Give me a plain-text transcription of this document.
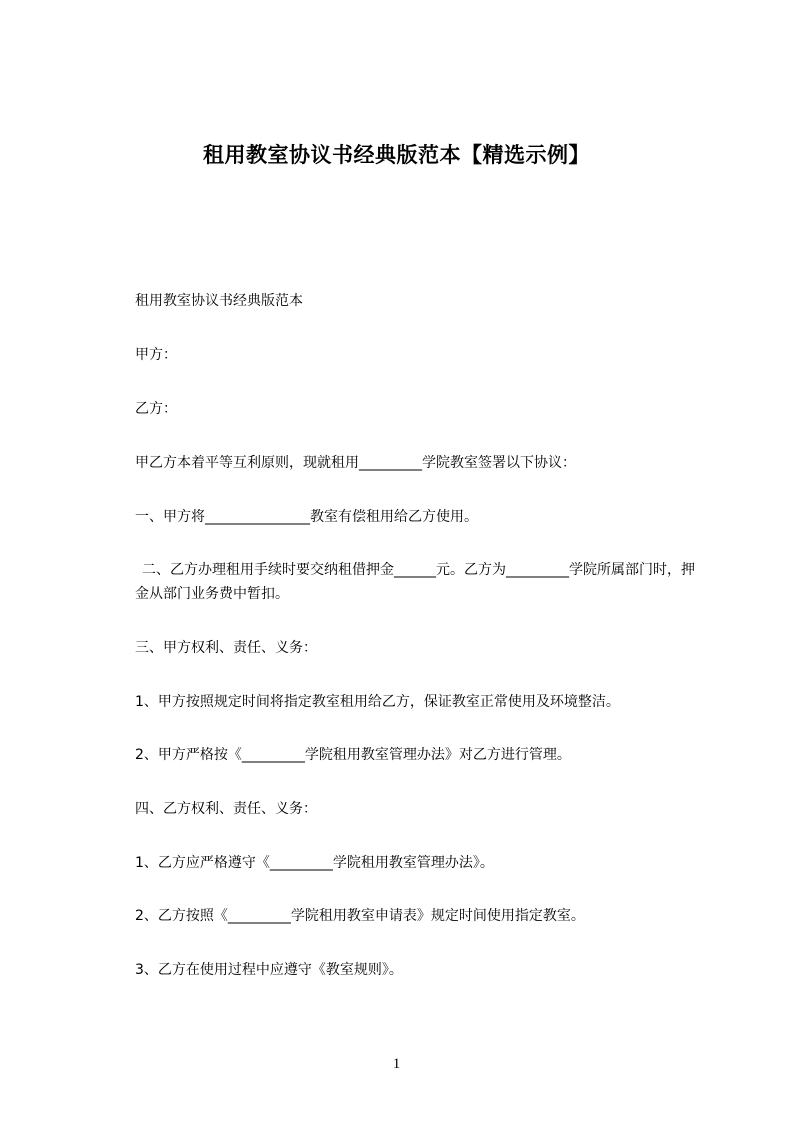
租用教室协议书经典版范本【精选示例】
租用教室协议书经典版范本
甲方：
乙方：
甲乙方本着平等互利原则，现就租用_________学院教室签署以下协议：
一、甲方将_______________教室有偿租用给乙方使用。
二、乙方办理租用手续时要交纳租借押金______元。乙方为_________学院所属部门时，押金从部门业务费中暂扣。
三、甲方权利、责任、义务：
1、甲方按照规定时间将指定教室租用给乙方，保证教室正常使用及环境整洁。
2、甲方严格按《_________学院租用教室管理办法》对乙方进行管理。
四、乙方权利、责任、义务：
1、乙方应严格遵守《_________学院租用教室管理办法》。
2、乙方按照《_________学院租用教室申请表》规定时间使用指定教室。
3、乙方在使用过程中应遵守《教室规则》。
1
